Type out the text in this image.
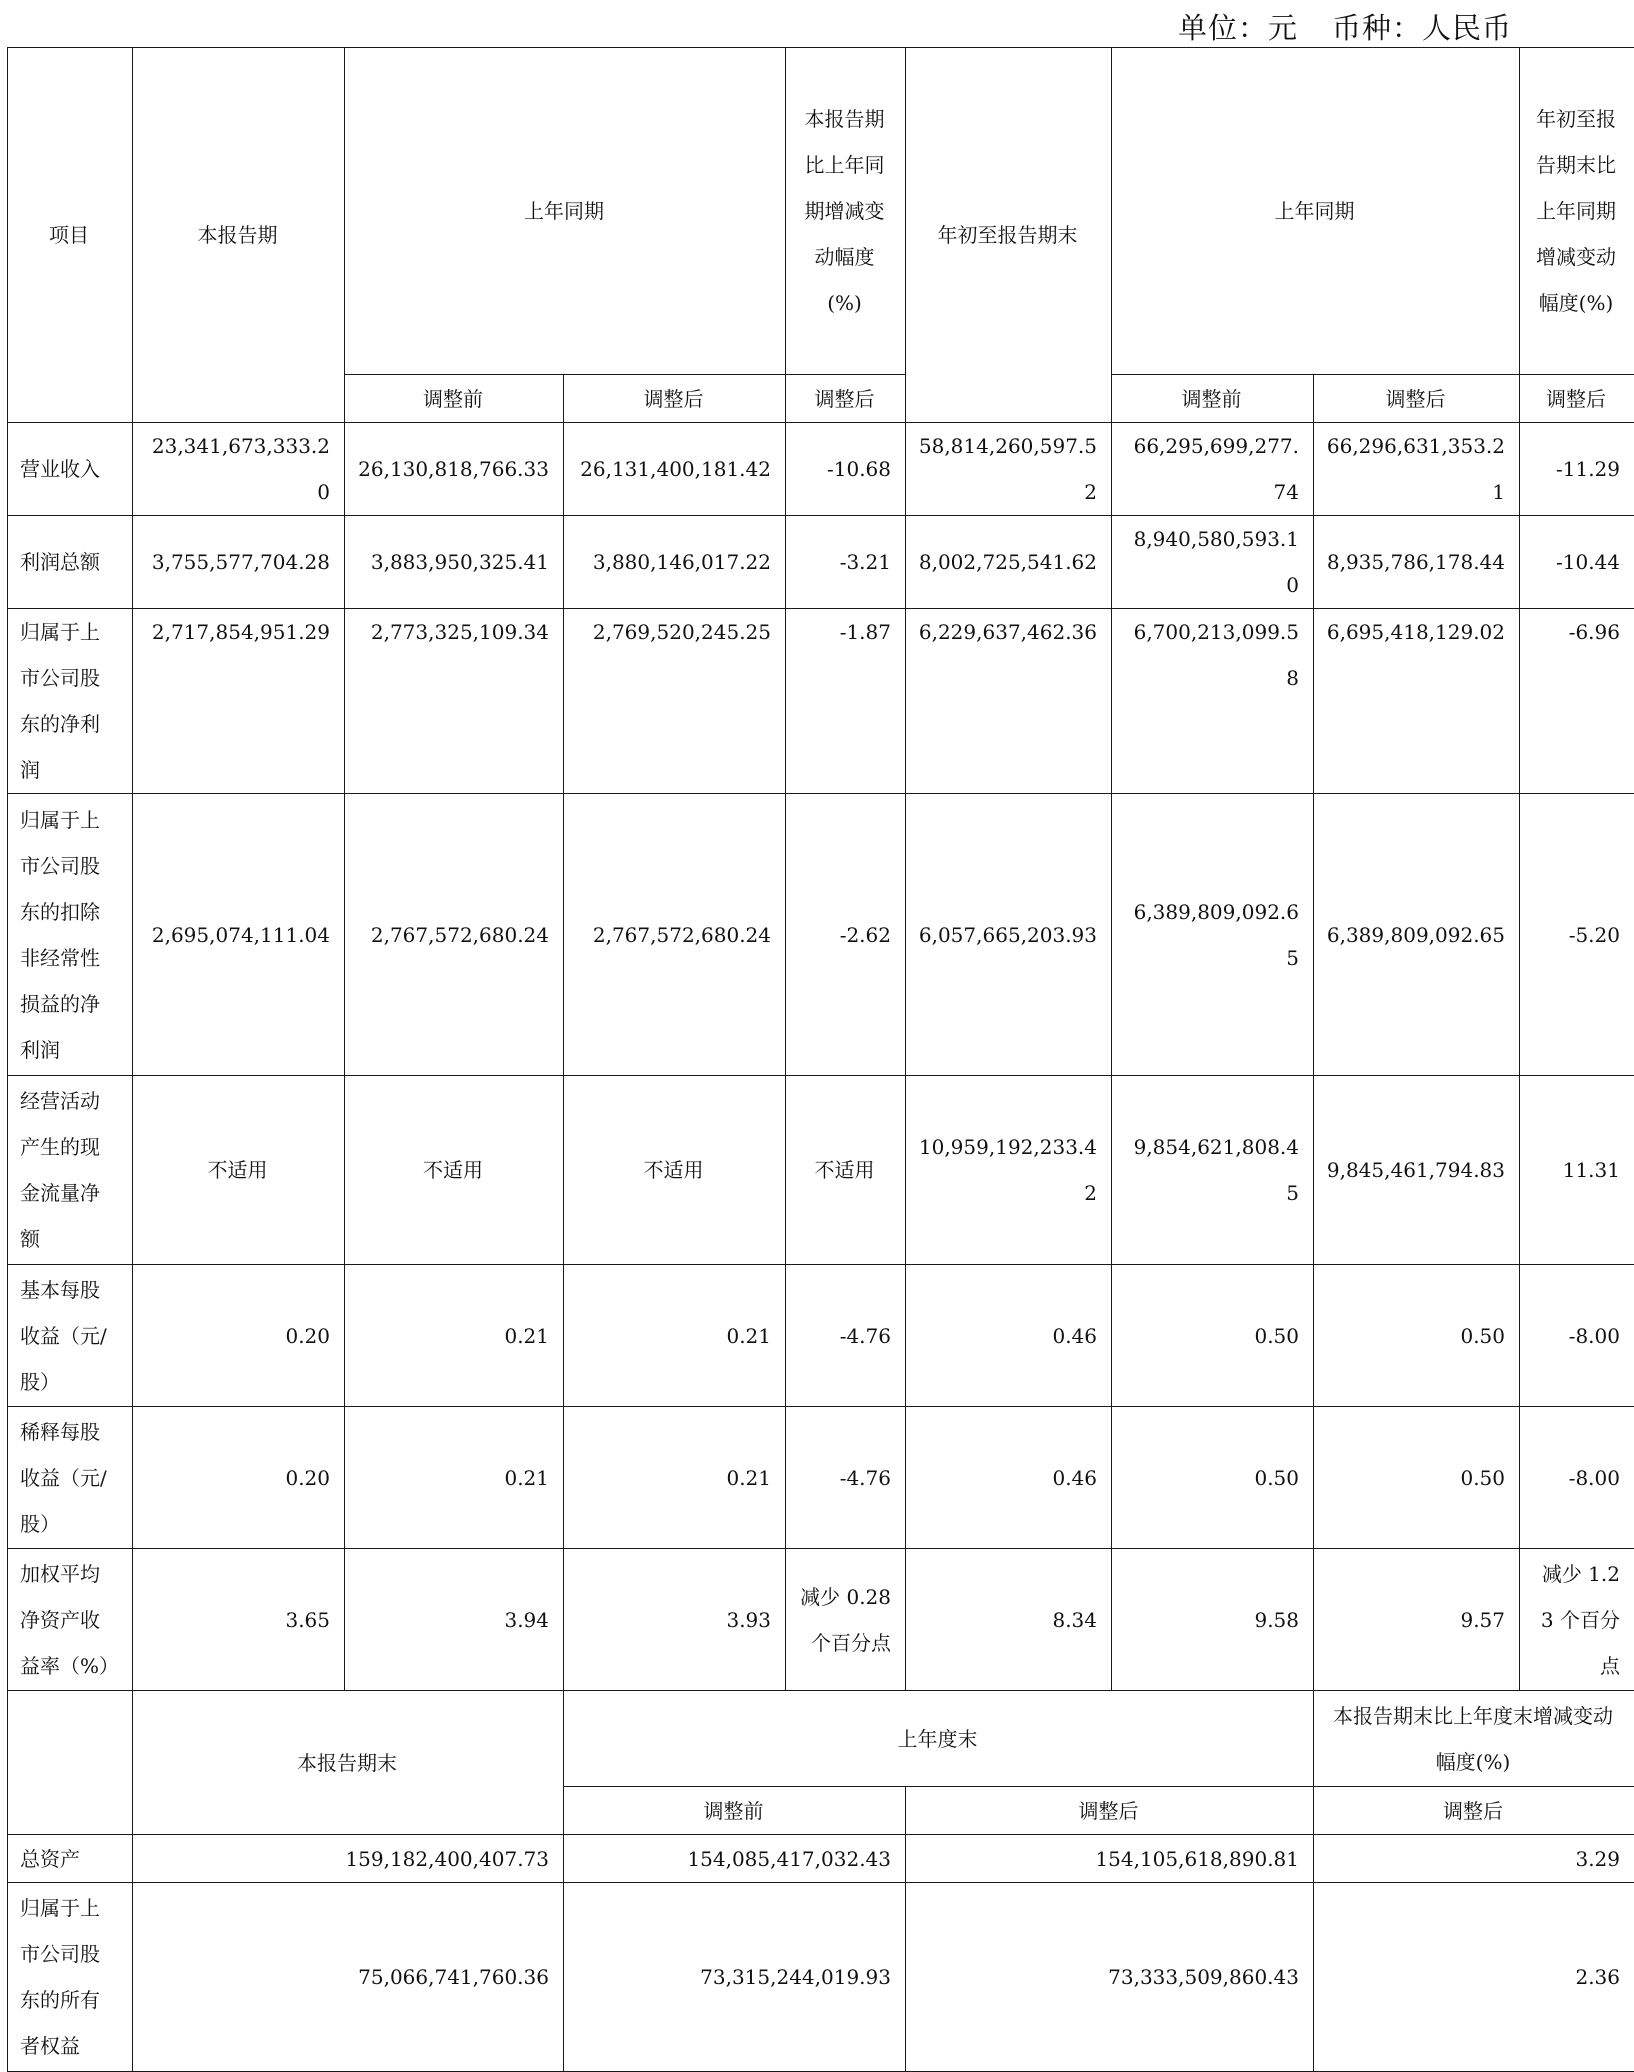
单位：元 币种：人民币
项目	本报告期	上年同期		本报告期比上年同期增减变动幅度(%)	年初至报告期末	上年同期		年初至报告期末比上年同期增减变动幅度(%)
		调整前	调整后	调整后		调整前	调整后	调整后
营业收入	23,341,673,333.20	26,130,818,766.33	26,131,400,181.42	-10.68	58,814,260,597.52	66,295,699,277.74	66,296,631,353.21	-11.29
利润总额	3,755,577,704.28	3,883,950,325.41	3,880,146,017.22	-3.21	8,002,725,541.62	8,940,580,593.10	8,935,786,178.44	-10.44
归属于上市公司股东的净利润	2,717,854,951.29	2,773,325,109.34	2,769,520,245.25	-1.87	6,229,637,462.36	6,700,213,099.58	6,695,418,129.02	-6.96
归属于上市公司股东的扣除非经常性损益的净利润	2,695,074,111.04	2,767,572,680.24	2,767,572,680.24	-2.62	6,057,665,203.93	6,389,809,092.65	6,389,809,092.65	-5.20
经营活动产生的现金流量净额	不适用	不适用	不适用	不适用	10,959,192,233.42	9,854,621,808.45	9,845,461,794.83	11.31
基本每股收益（元/股）	0.20	0.21	0.21	-4.76	0.46	0.50	0.50	-8.00
稀释每股收益（元/股）	0.20	0.21	0.21	-4.76	0.46	0.50	0.50	-8.00
加权平均净资产收益率（%）	3.65	3.94	3.93	减少 0.28 个百分点	8.34	9.58	9.57	减少 1.23 个百分点
	本报告期末		上年度末				本报告期末比上年度末增减变动幅度(%)	
			调整前		调整后		调整后	
总资产	159,182,400,407.73		154,085,417,032.43		154,105,618,890.81		3.29	
归属于上市公司股东的所有者权益	75,066,741,760.36		73,315,244,019.93		73,333,509,860.43		2.36	
